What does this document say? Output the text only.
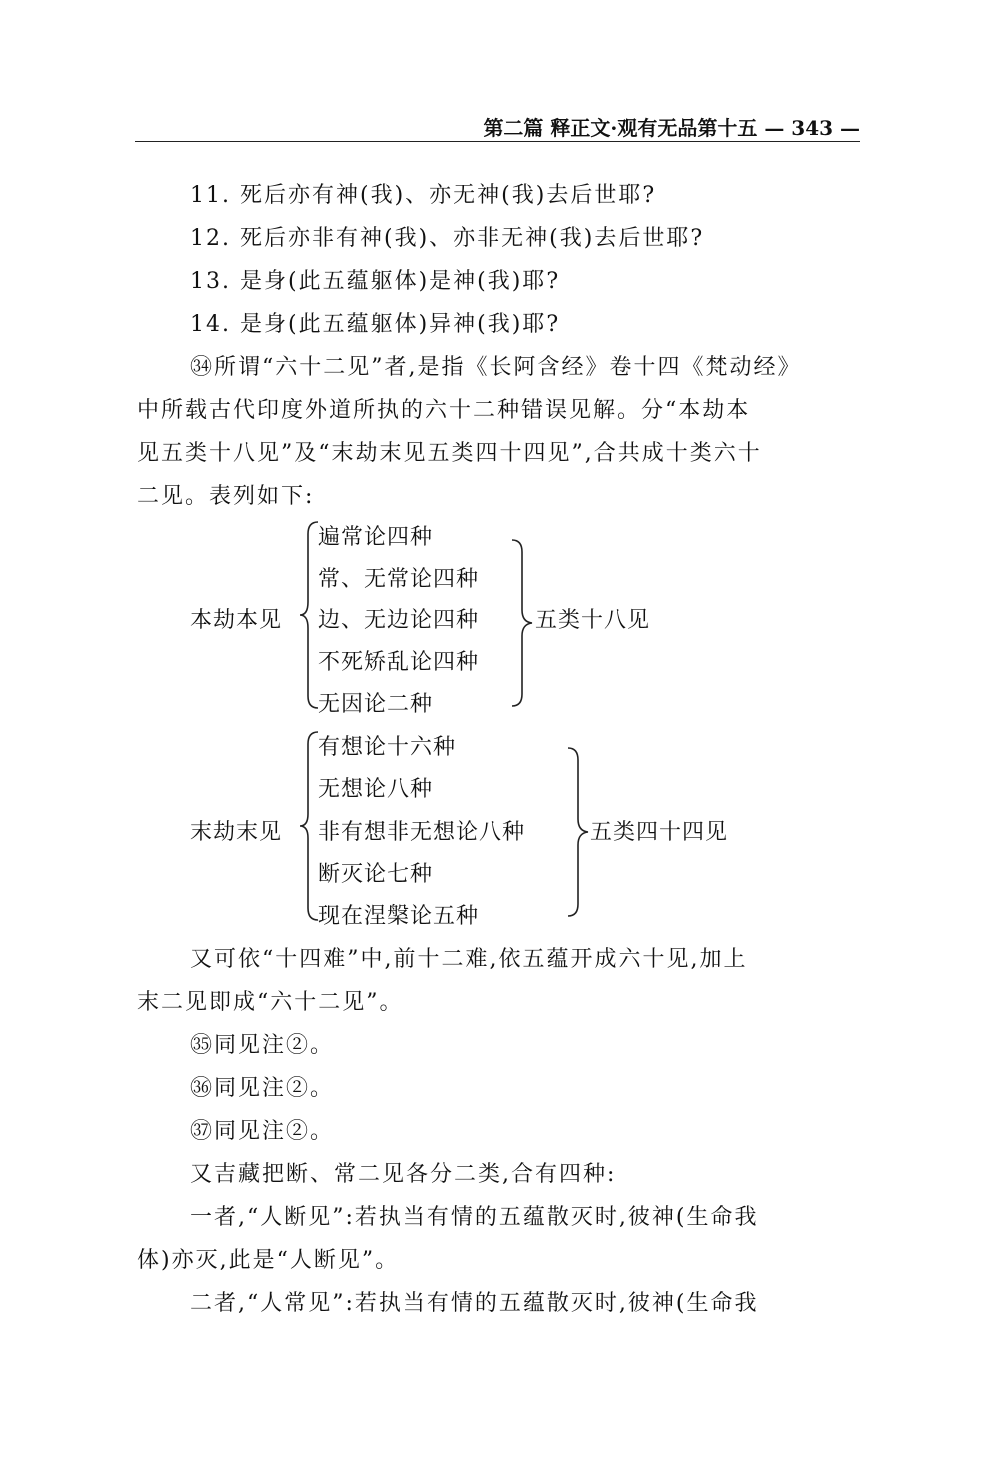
第二篇 释正文·观有无品第十五 — 343 —
11. 死后亦有神(我)、亦无神(我)去后世耶?
12. 死后亦非有神(我)、亦非无神(我)去后世耶?
13. 是身(此五蕴躯体)是神(我)耶?
14. 是身(此五蕴躯体)异神(我)耶?
㉞所谓“六十二见”者,是指《长阿含经》卷十四《梵动经》
中所载古代印度外道所执的六十二种错误见解。分“本劫本
见五类十八见”及“末劫末见五类四十四见”,合共成十类六十
二见。表列如下:
本劫本见
遍常论四种
常、无常论四种
边、无边论四种
不死矫乱论四种
无因论二种
五类十八见
末劫末见
有想论十六种
无想论八种
非有想非无想论八种
断灭论七种
现在涅槃论五种
五类四十四见
又可依“十四难”中,前十二难,依五蕴开成六十见,加上
末二见即成“六十二见”。
㉟同见注②。
㊱同见注②。
㊲同见注②。
又吉藏把断、常二见各分二类,合有四种:
一者,“人断见”:若执当有情的五蕴散灭时,彼神(生命我
体)亦灭,此是“人断见”。
二者,“人常见”:若执当有情的五蕴散灭时,彼神(生命我
